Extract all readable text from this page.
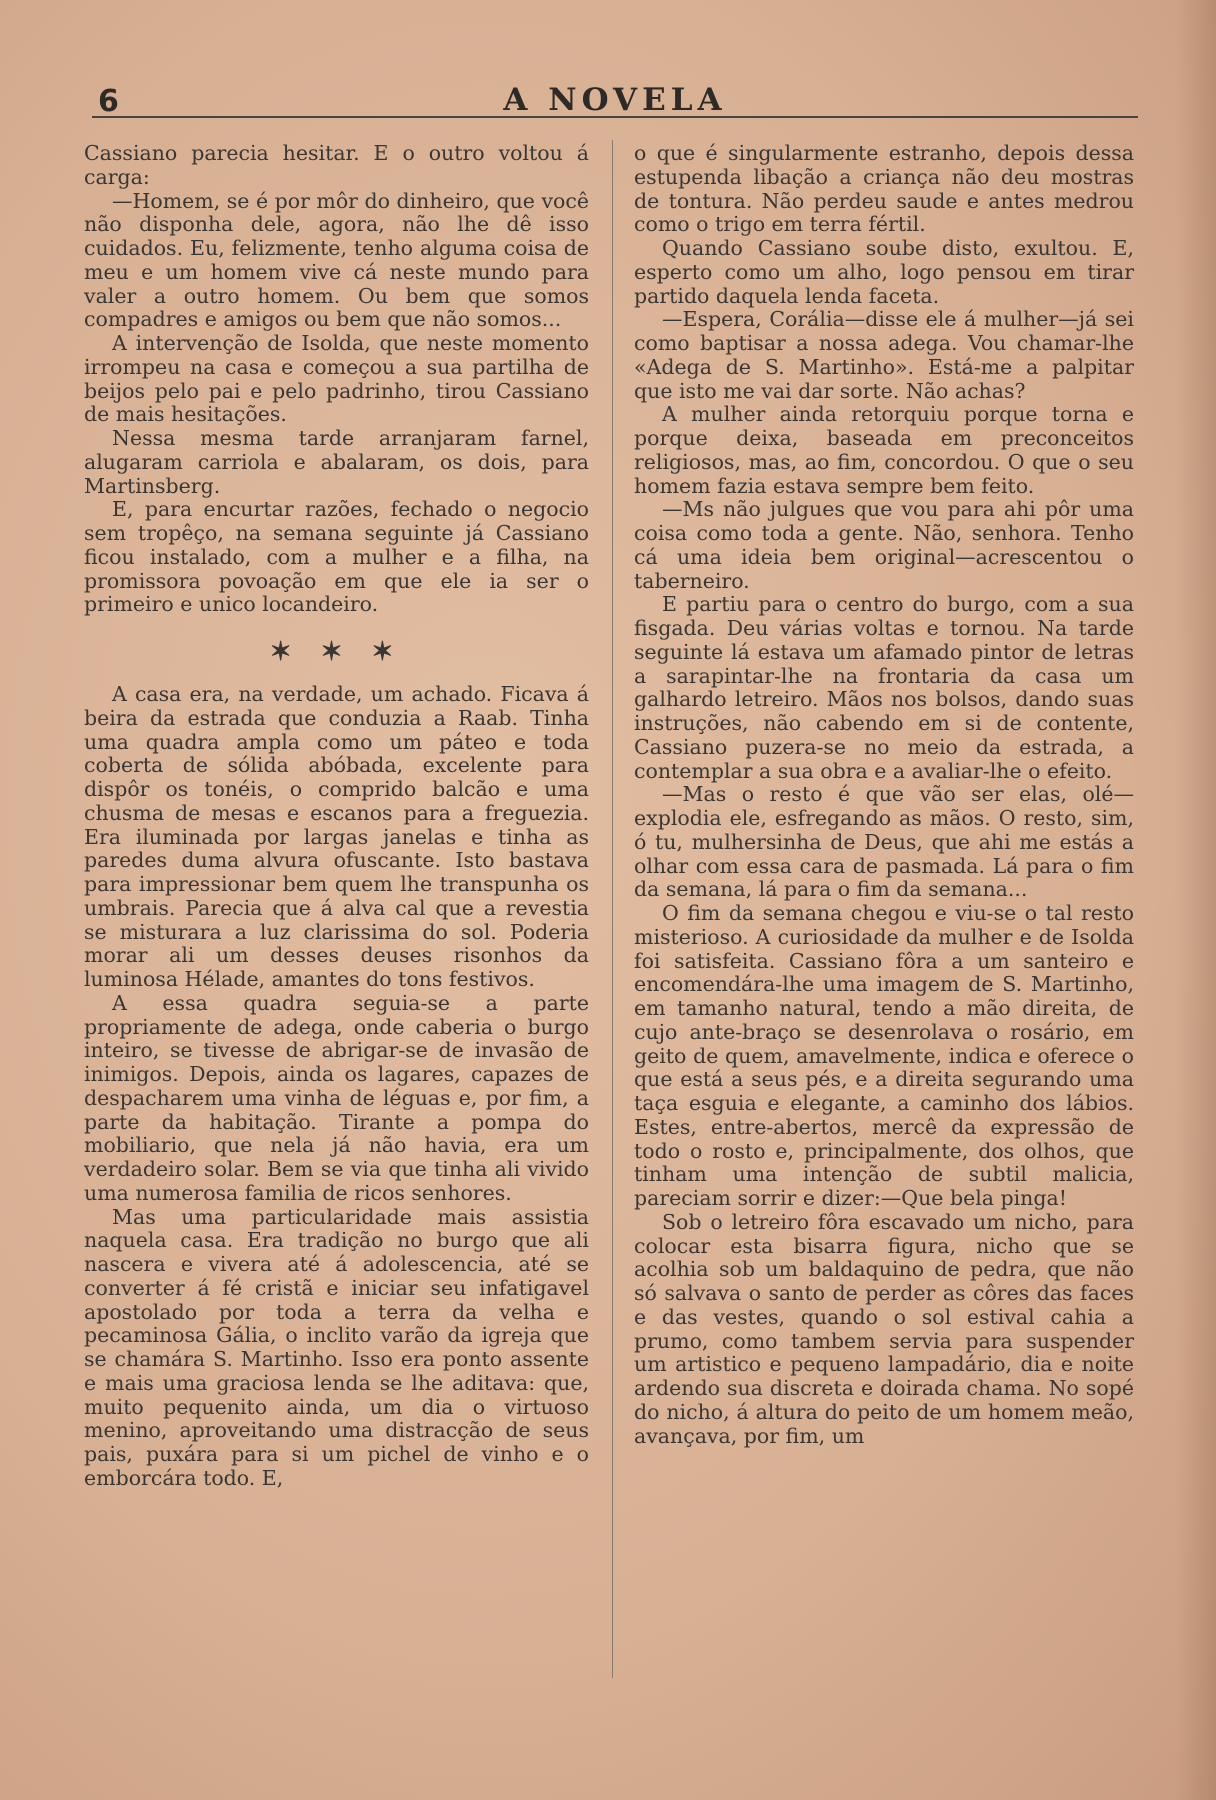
6	A NOVELA

Cassiano parecia hesitar. E o outro voltou á carga:

—Homem, se é por môr do dinheiro, que você não disponha dele, agora, não lhe dê isso cuidados. Eu, felizmente, tenho alguma coisa de meu e um homem vive cá neste mundo para valer a outro homem. Ou bem que somos compadres e amigos ou bem que não somos...

A intervenção de Isolda, que neste momento irrompeu na casa e começou a sua partilha de beijos pelo pai e pelo padrinho, tirou Cassiano de mais hesitações.

Nessa mesma tarde arranjaram farnel, alugaram carriola e abalaram, os dois, para Martinsberg.

E, para encurtar razões, fechado o negocio sem tropêço, na semana seguinte já Cassiano ficou instalado, com a mulher e a filha, na promissora povoação em que ele ia ser o primeiro e unico locandeiro.

✶ ✶ ✶

A casa era, na verdade, um achado. Ficava á beira da estrada que conduzia a Raab. Tinha uma quadra ampla como um páteo e toda coberta de sólida abóbada, excelente para dispôr os tonéis, o comprido balcão e uma chusma de mesas e escanos para a freguezia. Era iluminada por largas janelas e tinha as paredes duma alvura ofuscante. Isto bastava para impressionar bem quem lhe transpunha os umbrais. Parecia que á alva cal que a revestia se misturara a luz clarissima do sol. Poderia morar ali um desses deuses risonhos da luminosa Hélade, amantes do tons festivos.

A essa quadra seguia-se a parte propriamente de adega, onde caberia o burgo inteiro, se tivesse de abrigar-se de invasão de inimigos. Depois, ainda os lagares, capazes de despacharem uma vinha de léguas e, por fim, a parte da habitação. Tirante a pompa do mobiliario, que nela já não havia, era um verdadeiro solar. Bem se via que tinha ali vivido uma numerosa familia de ricos senhores.

Mas uma particularidade mais assistia naquela casa. Era tradição no burgo que ali nascera e vivera até á adolescencia, até se converter á fé cristã e iniciar seu infatigavel apostolado por toda a terra da velha e pecaminosa Gália, o inclito varão da igreja que se chamára S. Martinho. Isso era ponto assente e mais uma graciosa lenda se lhe aditava: que, muito pequenito ainda, um dia o virtuoso menino, aproveitando uma distracção de seus pais, puxára para si um pichel de vinho e o emborcára todo. E,

o que é singularmente estranho, depois dessa estupenda libação a criança não deu mostras de tontura. Não perdeu saude e antes medrou como o trigo em terra fértil.

Quando Cassiano soube disto, exultou. E, esperto como um alho, logo pensou em tirar partido daquela lenda faceta.

—Espera, Corália—disse ele á mulher—já sei como baptisar a nossa adega. Vou chamar-lhe «Adega de S. Martinho». Está-me a palpitar que isto me vai dar sorte. Não achas?

A mulher ainda retorquiu porque torna e porque deixa, baseada em preconceitos religiosos, mas, ao fim, concordou. O que o seu homem fazia estava sempre bem feito.

—Ms não julgues que vou para ahi pôr uma coisa como toda a gente. Não, senhora. Tenho cá uma ideia bem original—acrescentou o taberneiro.

E partiu para o centro do burgo, com a sua fisgada. Deu várias voltas e tornou. Na tarde seguinte lá estava um afamado pintor de letras a sarapintar-lhe na frontaria da casa um galhardo letreiro. Mãos nos bolsos, dando suas instruções, não cabendo em si de contente, Cassiano puzera-se no meio da estrada, a contemplar a sua obra e a avaliar-lhe o efeito.

—Mas o resto é que vão ser elas, olé—explodia ele, esfregando as mãos. O resto, sim, ó tu, mulhersinha de Deus, que ahi me estás a olhar com essa cara de pasmada. Lá para o fim da semana, lá para o fim da semana...

O fim da semana chegou e viu-se o tal resto misterioso. A curiosidade da mulher e de Isolda foi satisfeita. Cassiano fôra a um santeiro e encomendára-lhe uma imagem de S. Martinho, em tamanho natural, tendo a mão direita, de cujo ante-braço se desenrolava o rosário, em geito de quem, amavelmente, indica e oferece o que está a seus pés, e a direita segurando uma taça esguia e elegante, a caminho dos lábios. Estes, entre-abertos, mercê da expressão de todo o rosto e, principalmente, dos olhos, que tinham uma intenção de subtil malicia, pareciam sorrir e dizer:—Que bela pinga!

Sob o letreiro fôra escavado um nicho, para colocar esta bisarra figura, nicho que se acolhia sob um baldaquino de pedra, que não só salvava o santo de perder as côres das faces e das vestes, quando o sol estival cahia a prumo, como tambem servia para suspender um artistico e pequeno lampadário, dia e noite ardendo sua discreta e doirada chama. No sopé do nicho, á altura do peito de um homem meão, avançava, por fim, um
